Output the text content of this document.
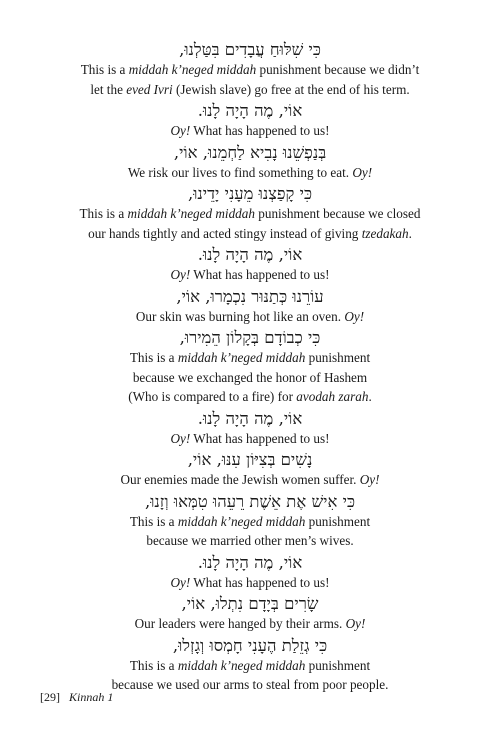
כִּי שִׁלּוּחַ עֲבָדִים בִּטַּלְנוּ,

This is a middah k’neged middah punishment because we didn’t

let the eved Ivri (Jewish slave) go free at the end of his term.

אוֹי, מֶה הָיָה לָנוּ.

Oy! What has happened to us!

בְּנַפְשֵׁנוּ נָבִיא לַחְמֵנוּ, אוֹי,

We risk our lives to find something to eat. Oy!

כִּי קָפַצְנוּ מֵעָנִי יָדֵינוּ,

This is a middah k’neged middah punishment because we closed

our hands tightly and acted stingy instead of giving tzedakah.

אוֹי, מֶה הָיָה לָנוּ.

Oy! What has happened to us!

עוֹרֵנוּ כְּתַנּוּר נִכְמָרוּ, אוֹי,

Our skin was burning hot like an oven. Oy!

כִּי כְבוֹדָם בְּקָלוֹן הֵמִירוּ,

This is a middah k’neged middah punishment

because we exchanged the honor of Hashem

(Who is compared to a fire) for avodah zarah.

אוֹי, מֶה הָיָה לָנוּ.

Oy! What has happened to us!

נָשִׁים בְּצִיּוֹן עִנּוּ, אוֹי,

Our enemies made the Jewish women suffer. Oy!

כִּי אִישׁ אֶת אֵשֶׁת רֵעֵהוּ טִמְּאוּ וְזָנוּ,

This is a middah k’neged middah punishment

because we married other men’s wives.

אוֹי, מֶה הָיָה לָנוּ.

Oy! What has happened to us!

שָׂרִים בְּיָדָם נִתְלוּ, אוֹי,

Our leaders were hanged by their arms. Oy!

כִּי גְזֵלַת הֶעָנִי חָמְסוּ וְגָזְלוּ,

This is a middah k’neged middah punishment

because we used our arms to steal from poor people.

[29] Kinnah 1
